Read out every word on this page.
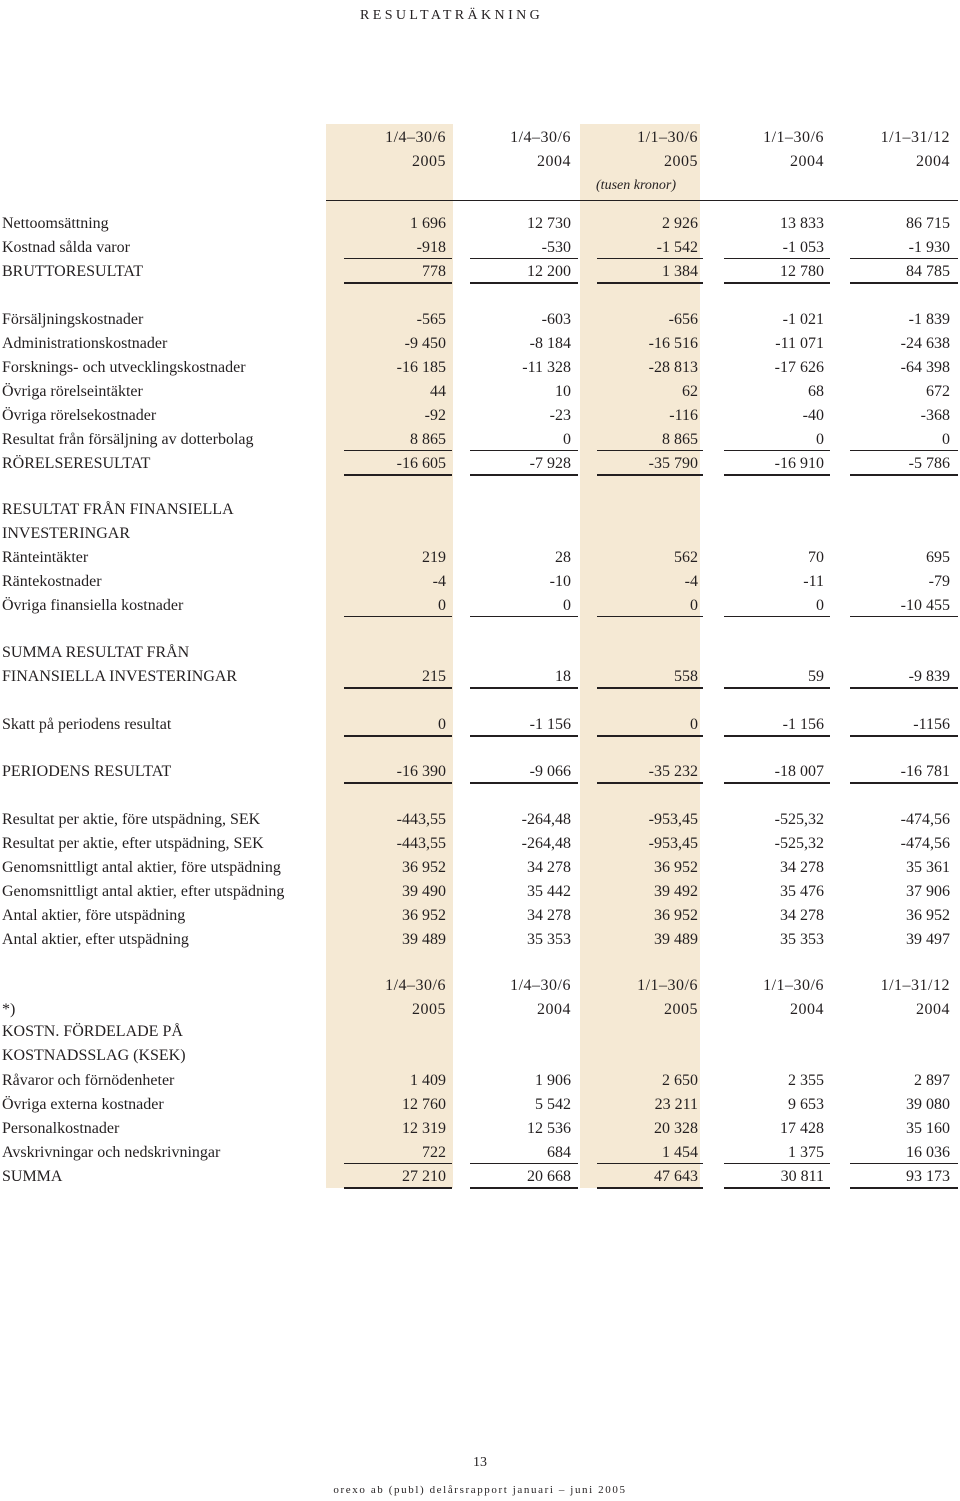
resultaträkning
1/4–30/6	1/4–30/6	1/1–30/6	1/1–30/6	1/1–31/12
2005	2004	2005	2004	2004
(tusen kronor)
Nettoomsättning	1 696	12 730	2 926	13 833	86 715
Kostnad sålda varor	-918	-530	-1 542	-1 053	-1 930
BRUTTORESULTAT	778	12 200	1 384	12 780	84 785
Försäljningskostnader	-565	-603	-656	-1 021	-1 839
Administrationskostnader	-9 450	-8 184	-16 516	-11 071	-24 638
Forsknings- och utvecklingskostnader	-16 185	-11 328	-28 813	-17 626	-64 398
Övriga rörelseintäkter	44	10	62	68	672
Övriga rörelsekostnader	-92	-23	-116	-40	-368
Resultat från försäljning av dotterbolag	8 865	0	8 865	0	0
RÖRELSERESULTAT	-16 605	-7 928	-35 790	-16 910	-5 786
RESULTAT FRÅN FINANSIELLA
INVESTERINGAR
Ränteintäkter	219	28	562	70	695
Räntekostnader	-4	-10	-4	-11	-79
Övriga finansiella kostnader	0	0	0	0	-10 455
SUMMA RESULTAT FRÅN
FINANSIELLA INVESTERINGAR	215	18	558	59	-9 839
Skatt på periodens resultat	0	-1 156	0	-1 156	-1156
PERIODENS RESULTAT	-16 390	-9 066	-35 232	-18 007	-16 781
Resultat per aktie, före utspädning, SEK	-443,55	-264,48	-953,45	-525,32	-474,56
Resultat per aktie, efter utspädning, SEK	-443,55	-264,48	-953,45	-525,32	-474,56
Genomsnittligt antal aktier, före utspädning	36 952	34 278	36 952	34 278	35 361
Genomsnittligt antal aktier, efter utspädning	39 490	35 442	39 492	35 476	37 906
Antal aktier, före utspädning	36 952	34 278	36 952	34 278	36 952
Antal aktier, efter utspädning	39 489	35 353	39 489	35 353	39 497
1/4–30/6	1/4–30/6	1/1–30/6	1/1–30/6	1/1–31/12
*)	2005	2004	2005	2004	2004
KOSTN. FÖRDELADE PÅ
KOSTNADSSLAG (KSEK)
Råvaror och förnödenheter	1 409	1 906	2 650	2 355	2 897
Övriga externa kostnader	12 760	5 542	23 211	9 653	39 080
Personalkostnader	12 319	12 536	20 328	17 428	35 160
Avskrivningar och nedskrivningar	722	684	1 454	1 375	16 036
SUMMA	27 210	20 668	47 643	30 811	93 173
13
orexo ab (publ) delårsrapport januari – juni 2005
